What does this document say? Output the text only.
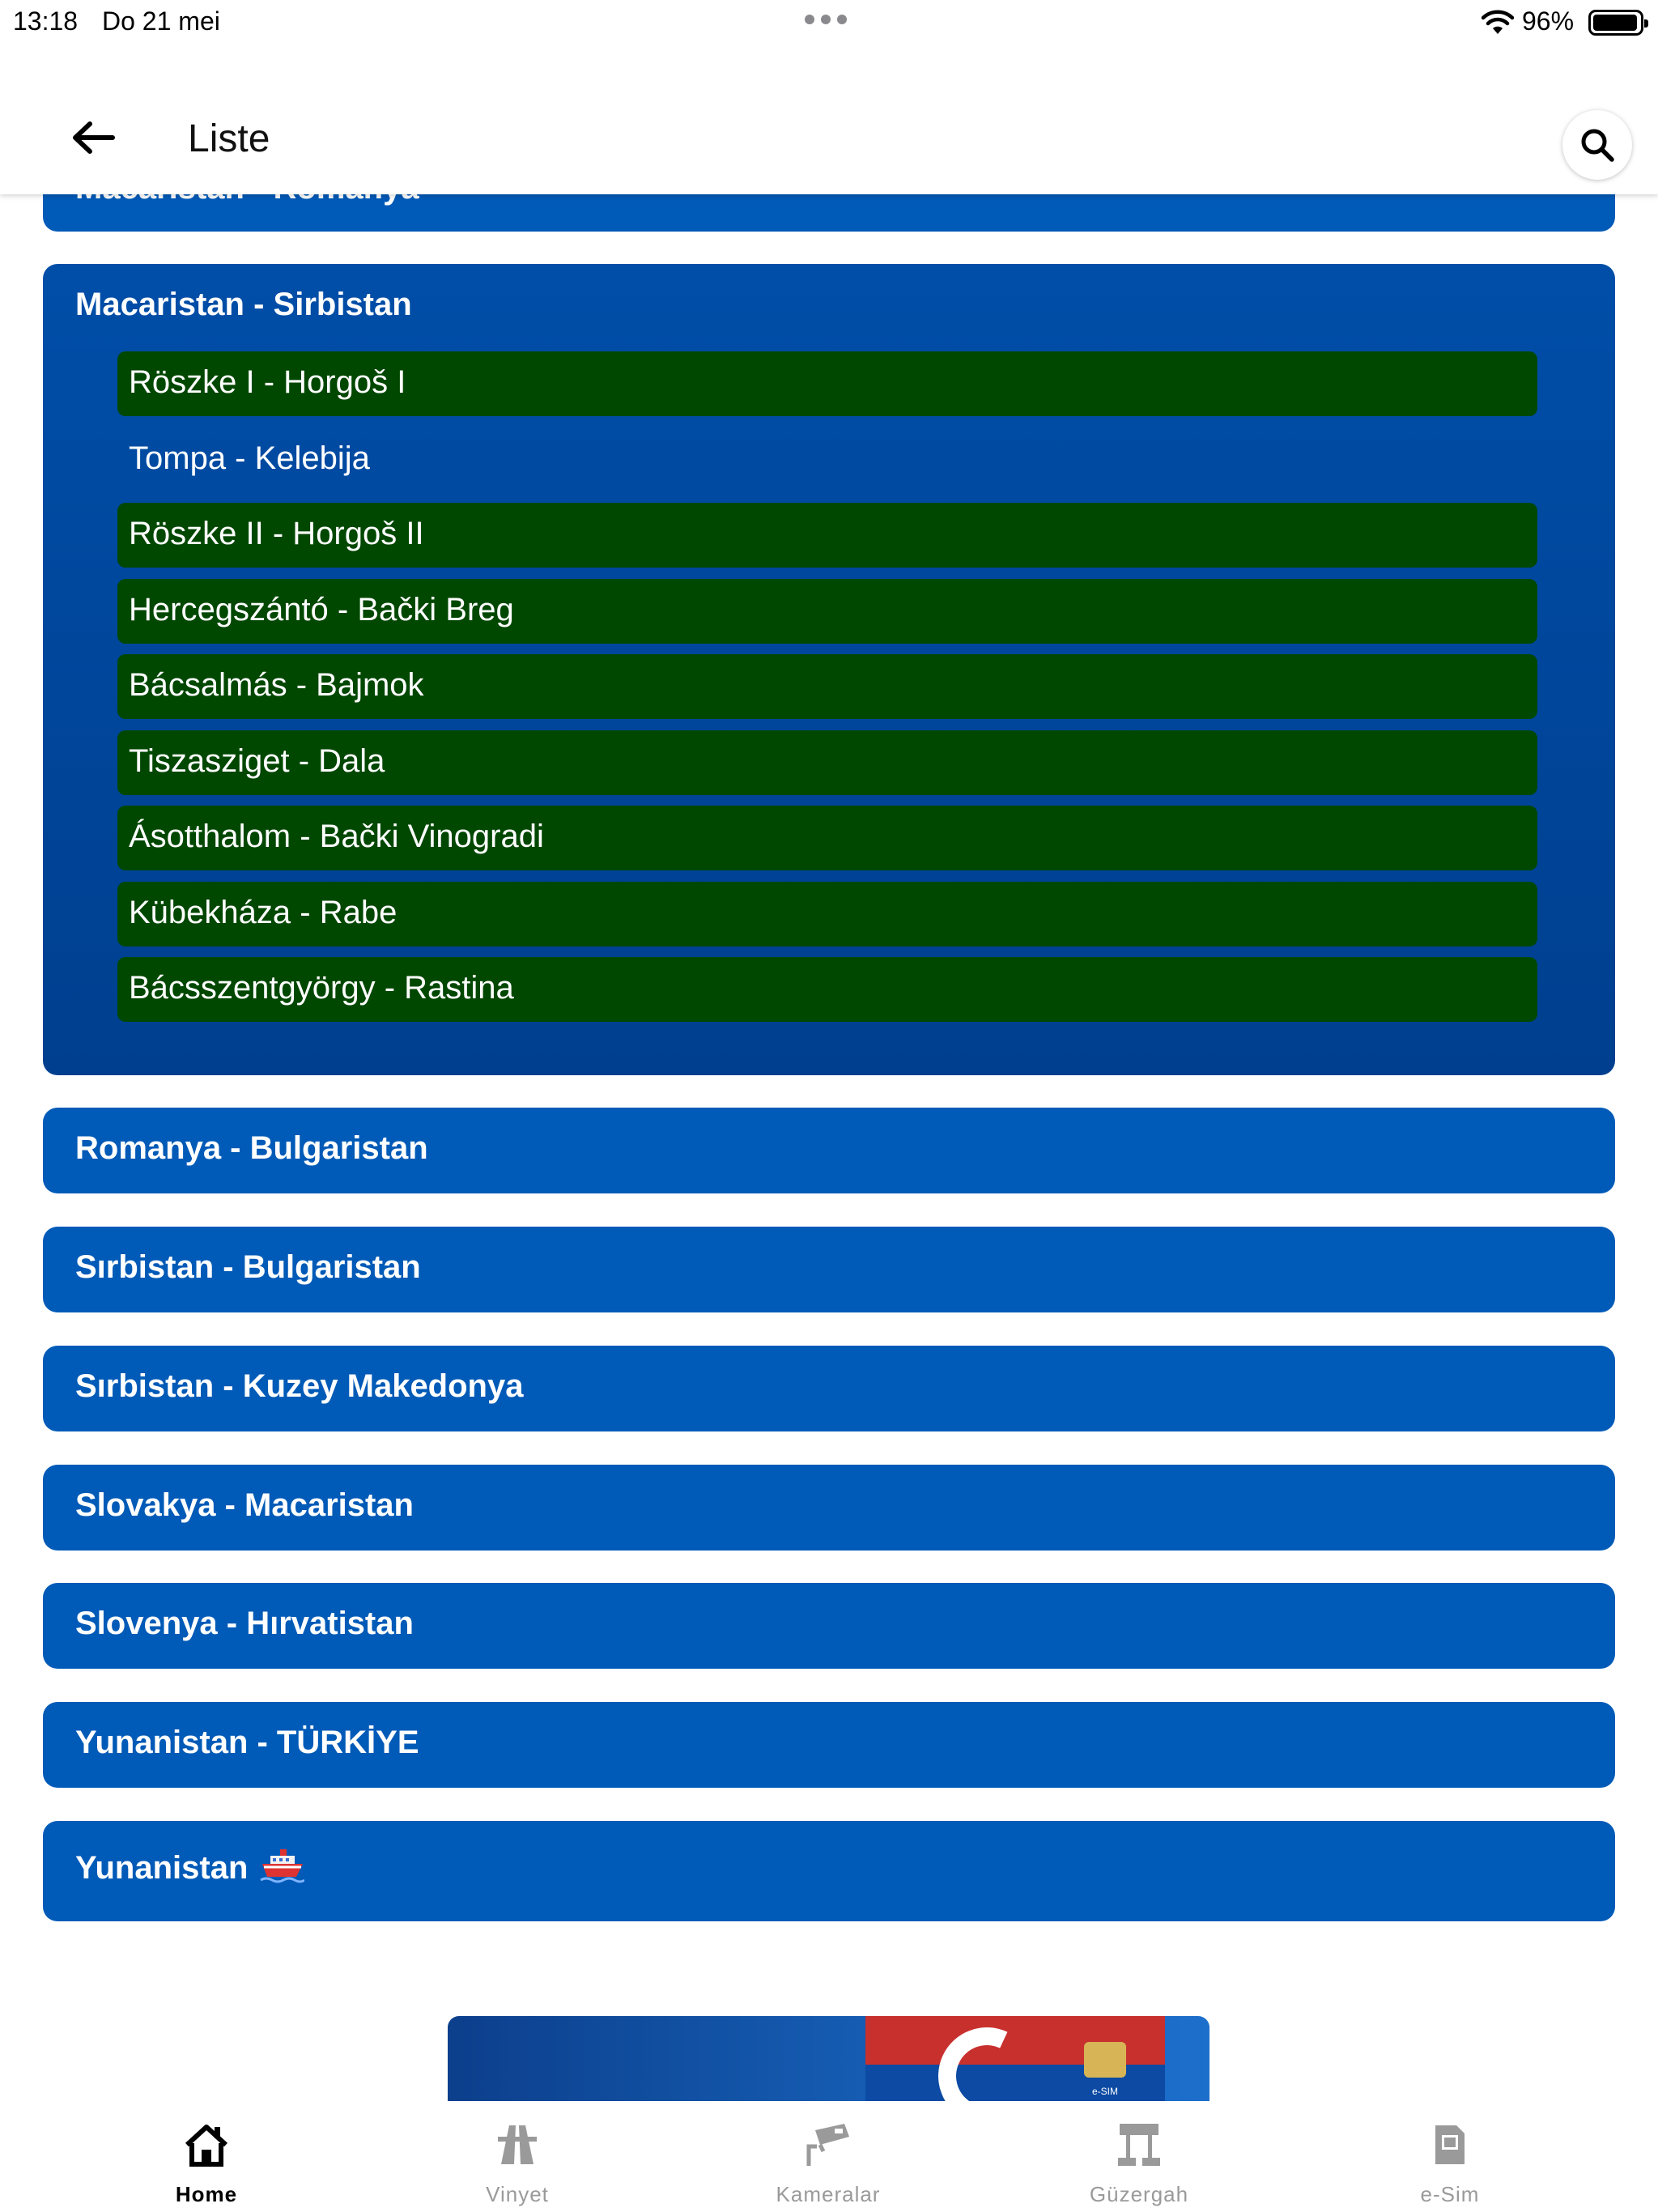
13:18 Do 21 mei	96%
Liste
Macaristan - Sirbistan
Röszke I - Horgoš I
Tompa - Kelebija
Röszke II - Horgoš II
Hercegszántó - Bački Breg
Bácsalmás - Bajmok
Tiszasziget - Dala
Ásotthalom - Bački Vinogradi
Kübekháza - Rabe
Bácsszentgyörgy - Rastina
Romanya - Bulgaristan
Sırbistan - Bulgaristan
Sırbistan - Kuzey Makedonya
Slovakya - Macaristan
Slovenya - Hırvatistan
Yunanistan - TÜRKİYE
Yunanistan
e-SIM
Home	Vinyet	Kameralar	Güzergah	e-Sim
